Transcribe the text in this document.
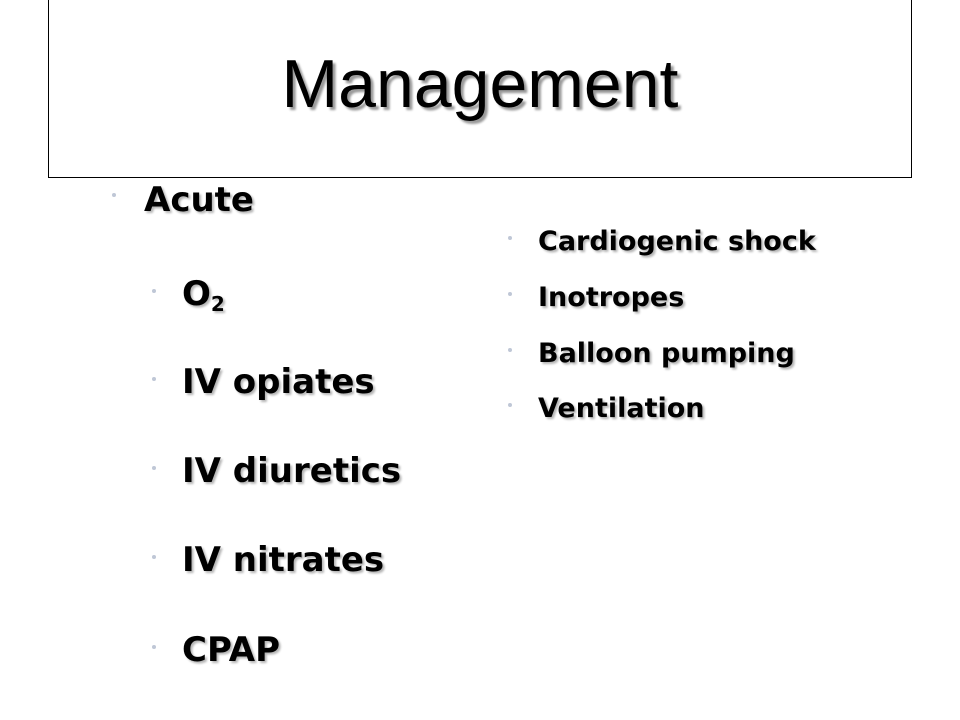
Management
Acute
$O_2$
IV opiates
IV diuretics
IV nitrates
CPAP
Cardiogenic shock
Inotropes
Balloon pumping
Ventilation
